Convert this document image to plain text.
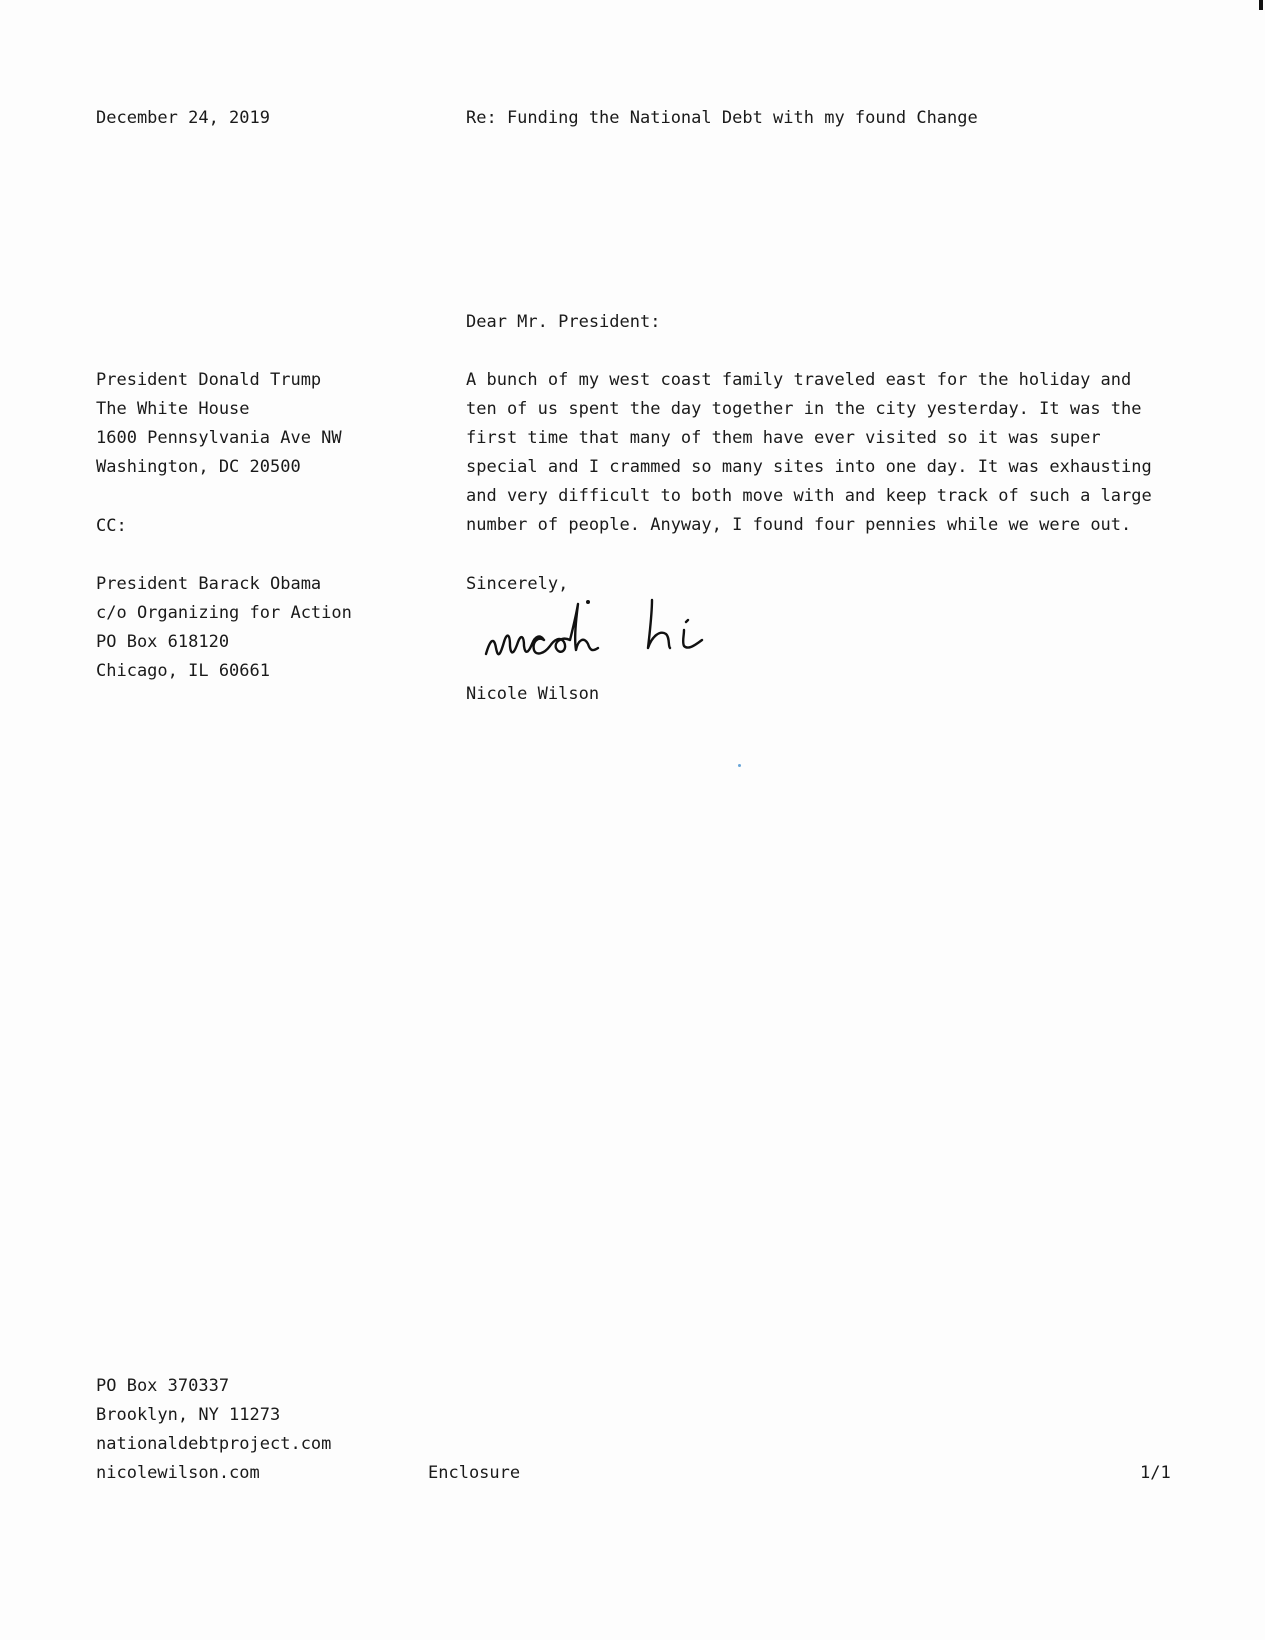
December 24, 2019	Re: Funding the National Debt with my found Change
Dear Mr. President:
President Donald Trump
The White House
1600 Pennsylvania Ave NW
Washington, DC 20500
CC:
President Barack Obama
c/o Organizing for Action
PO Box 618120
Chicago, IL 60661
A bunch of my west coast family traveled east for the holiday and
ten of us spent the day together in the city yesterday. It was the
first time that many of them have ever visited so it was super
special and I crammed so many sites into one day. It was exhausting
and very difficult to both move with and keep track of such a large
number of people. Anyway, I found four pennies while we were out.
Sincerely,
Nicole Wilson
PO Box 370337
Brooklyn, NY 11273
nationaldebtproject.com
nicolewilson.com	Enclosure	1/1
